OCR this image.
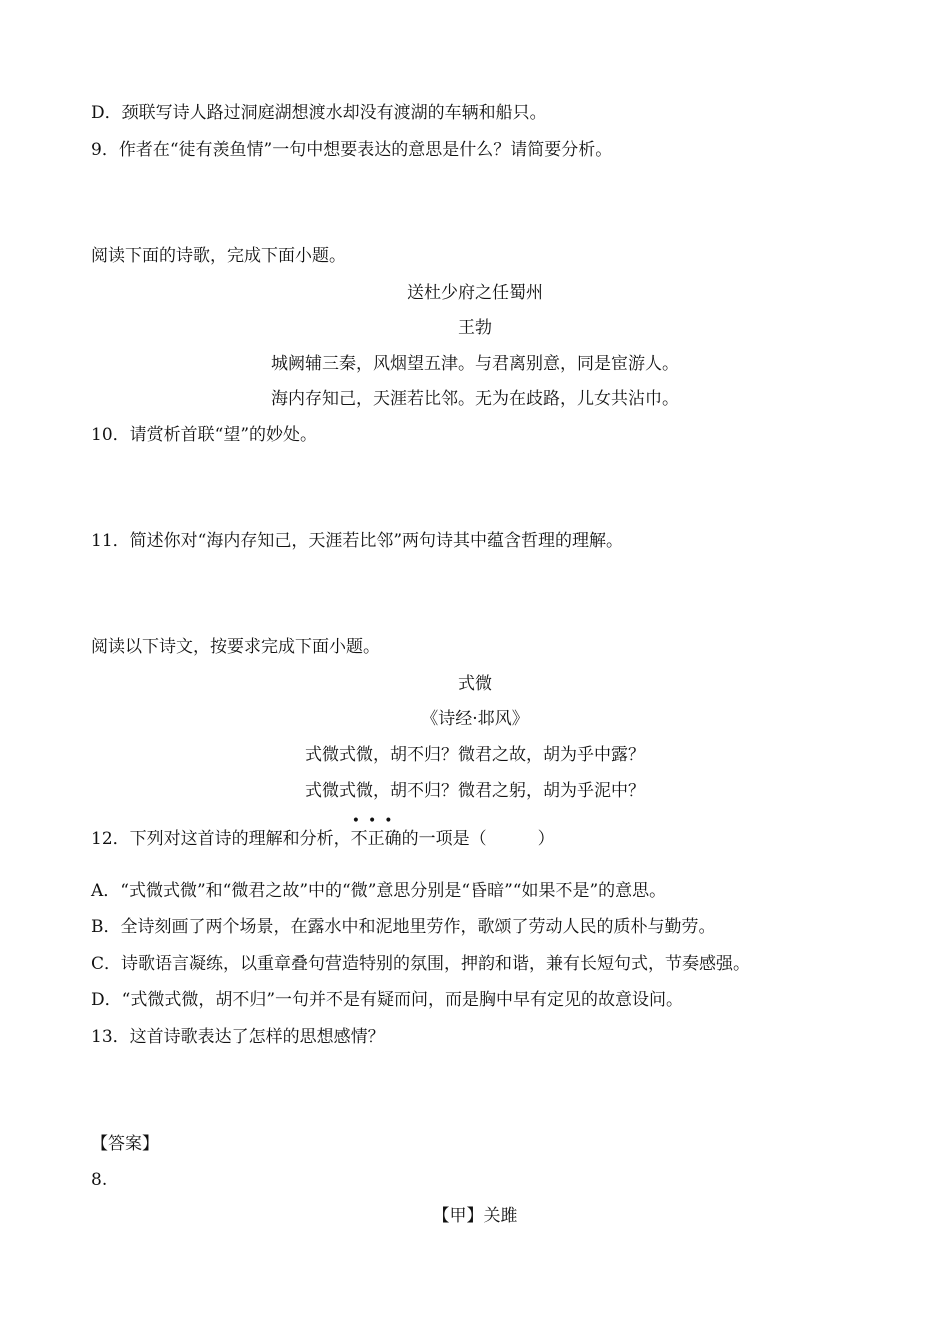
D．颈联写诗人路过洞庭湖想渡水却没有渡湖的车辆和船只。
9．作者在“徒有羡鱼情”一句中想要表达的意思是什么？请简要分析。
阅读下面的诗歌，完成下面小题。
送杜少府之任蜀州
王勃
城阙辅三秦，风烟望五津。与君离别意，同是宦游人。
海内存知己，天涯若比邻。无为在歧路，儿女共沾巾。
10．请赏析首联“望”的妙处。
11．简述你对“海内存知己，天涯若比邻”两句诗其中蕴含哲理的理解。
阅读以下诗文，按要求完成下面小题。
式微
《诗经·邶风》
式微式微，胡不归？微君之故，胡为乎中露？
式微式微，胡不归？微君之躬，胡为乎泥中？
12．下列对这首诗的理解和分析，
•••
不正确的一项是（　　　）
A．“式微式微”和“微君之故”中的“微”意思分别是“昏暗”“如果不是”的意思。
B．全诗刻画了两个场景，在露水中和泥地里劳作，歌颂了劳动人民的质朴与勤劳。
C．诗歌语言凝练，以重章叠句营造特别的氛围，押韵和谐，兼有长短句式，节奏感强。
D．“式微式微，胡不归”一句并不是有疑而问，而是胸中早有定见的故意设问。
13．这首诗歌表达了怎样的思想感情？
【答案】
8.
【甲】关雎
